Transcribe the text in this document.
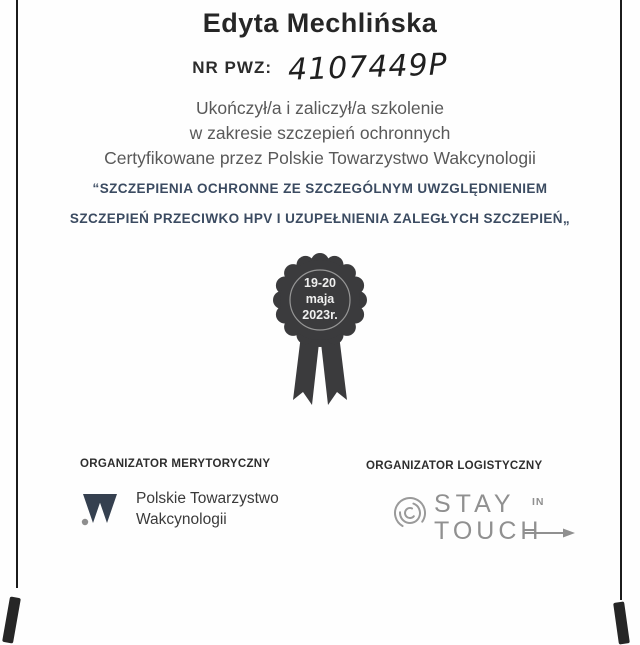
Edyta Mechlińska
NR PWZ: 4107449P
Ukończył/a i zaliczył/a szkolenie
w zakresie szczepień ochronnych
Certyfikowane przez Polskie Towarzystwo Wakcynologii
“SZCZEPIENIA OCHRONNE ZE SZCZEGÓLNYM UWZGLĘDNIENIEM
SZCZEPIEŃ PRZECIWKO HPV I UZUPEŁNIENIA ZALEGŁYCH SZCZEPIEŃ„
19-20
maja
2023r.
ORGANIZATOR MERYTORYCZNY
Polskie Towarzystwo
Wakcynologii
ORGANIZATOR LOGISTYCZNY
STAY IN
TOUCH
